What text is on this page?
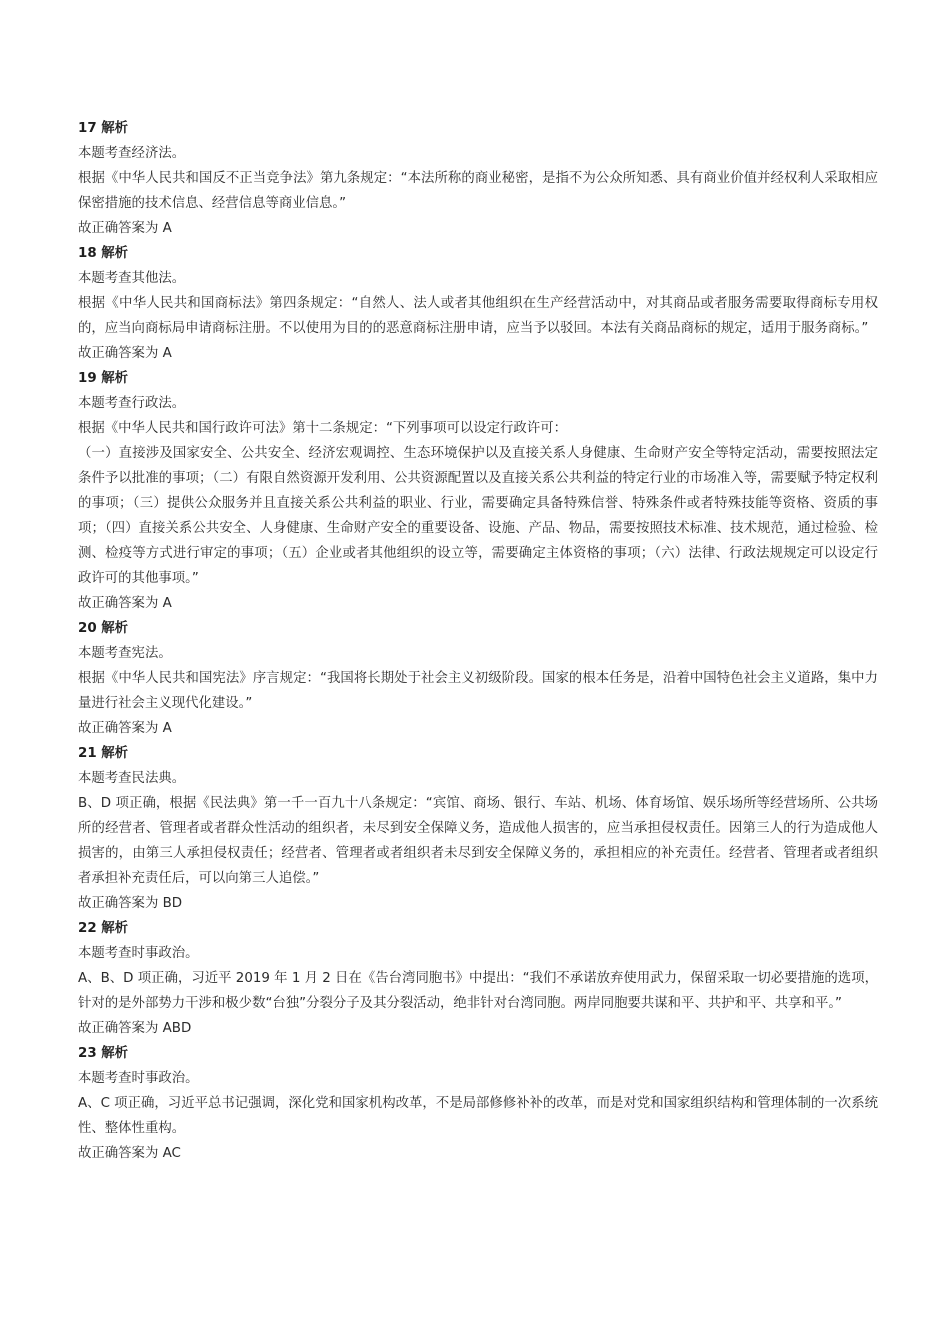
17 解析
本题考查经济法。
根据《中华人民共和国反不正当竞争法》第九条规定：“本法所称的商业秘密，是指不为公众所知悉、具有商业价值并经权利人采取相应保密措施的技术信息、经营信息等商业信息。”
故正确答案为 A
18 解析
本题考查其他法。
根据《中华人民共和国商标法》第四条规定：“自然人、法人或者其他组织在生产经营活动中，对其商品或者服务需要取得商标专用权的，应当向商标局申请商标注册。不以使用为目的的恶意商标注册申请，应当予以驳回。本法有关商品商标的规定，适用于服务商标。”
故正确答案为 A
19 解析
本题考查行政法。
根据《中华人民共和国行政许可法》第十二条规定：“下列事项可以设定行政许可：
（一）直接涉及国家安全、公共安全、经济宏观调控、生态环境保护以及直接关系人身健康、生命财产安全等特定活动，需要按照法定条件予以批准的事项；（二）有限自然资源开发利用、公共资源配置以及直接关系公共利益的特定行业的市场准入等，需要赋予特定权利的事项；（三）提供公众服务并且直接关系公共利益的职业、行业，需要确定具备特殊信誉、特殊条件或者特殊技能等资格、资质的事项；（四）直接关系公共安全、人身健康、生命财产安全的重要设备、设施、产品、物品，需要按照技术标准、技术规范，通过检验、检测、检疫等方式进行审定的事项；（五）企业或者其他组织的设立等，需要确定主体资格的事项；（六）法律、行政法规规定可以设定行政许可的其他事项。”
故正确答案为 A
20 解析
本题考查宪法。
根据《中华人民共和国宪法》序言规定：“我国将长期处于社会主义初级阶段。国家的根本任务是，沿着中国特色社会主义道路，集中力量进行社会主义现代化建设。”
故正确答案为 A
21 解析
本题考查民法典。
B、D 项正确，根据《民法典》第一千一百九十八条规定：“宾馆、商场、银行、车站、机场、体育场馆、娱乐场所等经营场所、公共场所的经营者、管理者或者群众性活动的组织者，未尽到安全保障义务，造成他人损害的，应当承担侵权责任。因第三人的行为造成他人损害的，由第三人承担侵权责任；经营者、管理者或者组织者未尽到安全保障义务的，承担相应的补充责任。经营者、管理者或者组织者承担补充责任后，可以向第三人追偿。”
故正确答案为 BD
22 解析
本题考查时事政治。
A、B、D 项正确，习近平 2019 年 1 月 2 日在《告台湾同胞书》中提出：“我们不承诺放弃使用武力，保留采取一切必要措施的选项，针对的是外部势力干涉和极少数“台独”分裂分子及其分裂活动，绝非针对台湾同胞。两岸同胞要共谋和平、共护和平、共享和平。”
故正确答案为 ABD
23 解析
本题考查时事政治。
A、C 项正确，习近平总书记强调，深化党和国家机构改革，不是局部修修补补的改革，而是对党和国家组织结构和管理体制的一次系统性、整体性重构。
故正确答案为 AC
